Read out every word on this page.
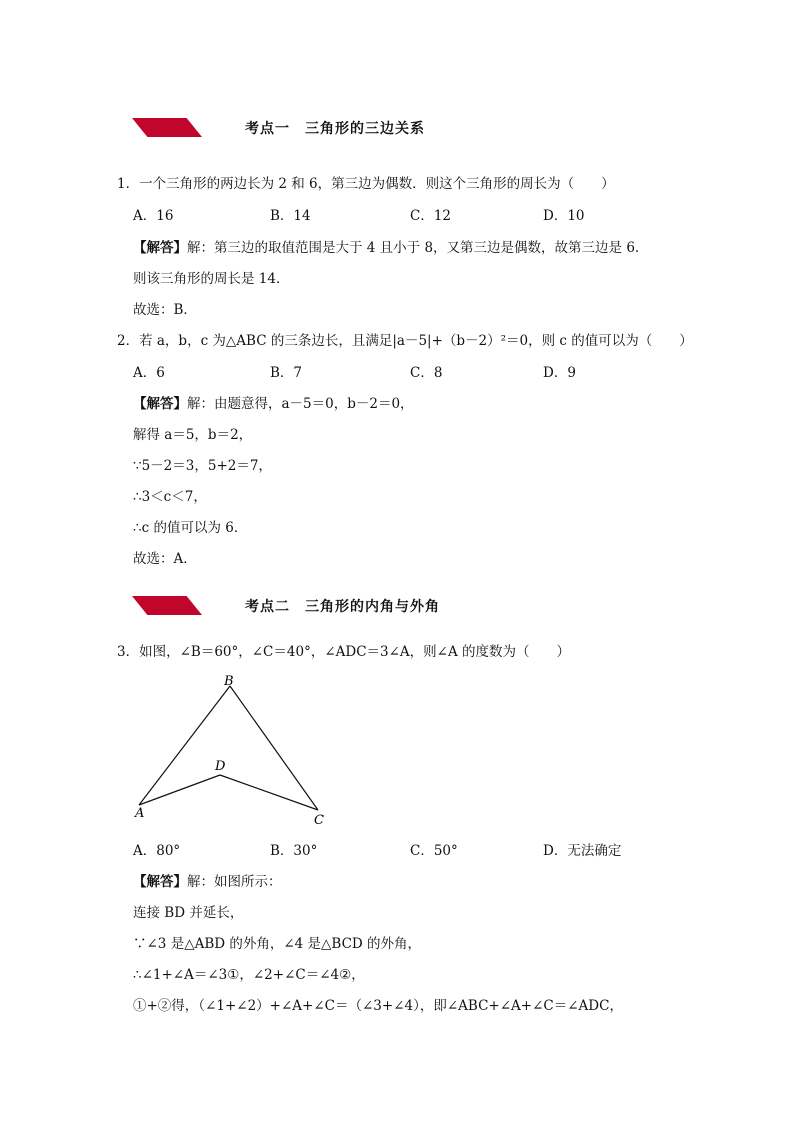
考点一　三角形的三边关系
1．一个三角形的两边长为 2 和 6，第三边为偶数．则这个三角形的周长为（　　）
A．16	B．14	C．12	D．10
【解答】解：第三边的取值范围是大于 4 且小于 8，又第三边是偶数，故第三边是 6．
则该三角形的周长是 14．
故选：B．
2．若 a，b，c 为△ABC 的三条边长，且满足|a－5|+（b－2）²＝0，则 c 的值可以为（　　）
A．6	B．7	C．8	D．9
【解答】解：由题意得，a－5＝0，b－2＝0，
解得 a＝5，b＝2，
∵5－2＝3，5+2＝7，
∴3＜c＜7，
∴c 的值可以为 6．
故选：A．
考点二　三角形的内角与外角
3．如图，∠B＝60°，∠C＝40°，∠ADC＝3∠A，则∠A 的度数为（　　）
B
D
A	C
A．80°	B．30°	C．50°	D．无法确定
【解答】解：如图所示：
连接 BD 并延长，
∵∠3 是△ABD 的外角，∠4 是△BCD 的外角，
∴∠1+∠A＝∠3①，∠2+∠C＝∠4②，
①+②得，（∠1+∠2）+∠A+∠C＝（∠3+∠4），即∠ABC+∠A+∠C＝∠ADC，
